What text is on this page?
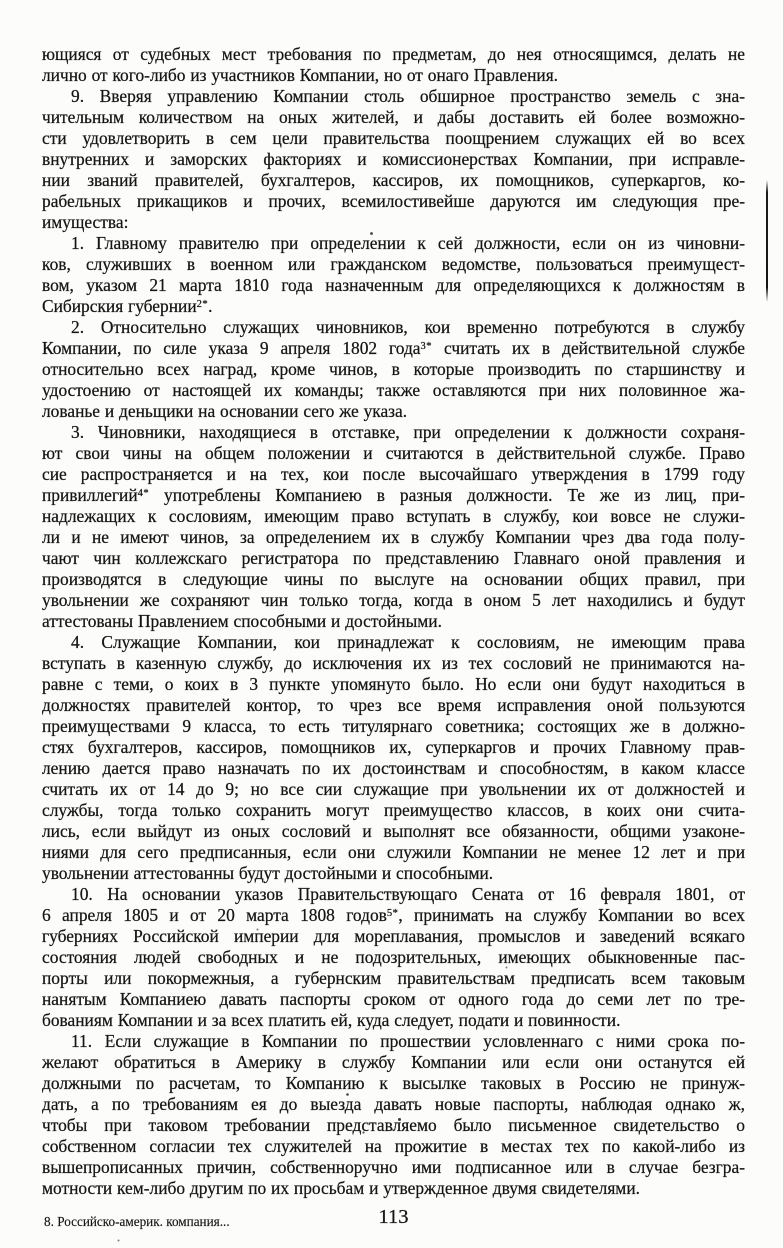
ющияся от судебных мест требования по предметам, до нея относящимся, делать не
лично от кого-либо из участников Компании, но от онаго Правления.
9. Вверяя управлению Компании столь обширное пространство земель с зна-
чительным количеством на оных жителей, и дабы доставить ей более возможно-
сти удовлетворить в сем цели правительства поощрением служащих ей во всех
внутренних и заморских факториях и комиссионерствах Компании, при исправле-
нии званий правителей, бухгалтеров, кассиров, их помощников, суперкаргов, ко-
рабельных прикащиков и прочих, всемилостивейше даруются им следующия пре-
имущества:
1. Главному правителю при определении к сей должности, если он из чиновни-
ков, служивших в военном или гражданском ведомстве, пользоваться преимущест-
вом, указом 21 марта 1810 года назначенным для определяющихся к должностям в
Сибирския губернии$^{2*}$.
2. Относительно служащих чиновников, кои временно потребуются в службу
Компании, по силе указа 9 апреля 1802 года$^{3*}$ считать их в действительной службе
относительно всех наград, кроме чинов, в которые производить по старшинству и
удостоению от настоящей их команды; также оставляются при них половинное жа-
лованье и деньщики на основании сего же указа.
3. Чиновники, находящиеся в отставке, при определении к должности сохраня-
ют свои чины на общем положении и считаются в действительной службе. Право
сие распространяется и на тех, кои после высочайшаго утверждения в 1799 году
привиллегий$^{4*}$ употреблены Компаниею в разныя должности. Те же из лиц, при-
надлежащих к сословиям, имеющим право вступать в службу, кои вовсе не служи-
ли и не имеют чинов, за определением их в службу Компании чрез два года полу-
чают чин коллежскаго регистратора по представлению Главнаго оной правления и
производятся в следующие чины по выслуге на основании общих правил, при
увольнении же сохраняют чин только тогда, когда в оном 5 лет находились и будут
аттестованы Правлением способными и достойными.
4. Служащие Компании, кои принадлежат к сословиям, не имеющим права
вступать в казенную службу, до исключения их из тех сословий не принимаются на-
равне с теми, о коих в 3 пункте упомянуто было. Но если они будут находиться в
должностях правителей контор, то чрез все время исправления оной пользуются
преимуществами 9 класса, то есть титулярнаго советника; состоящих же в должно-
стях бухгалтеров, кассиров, помощников их, суперкаргов и прочих Главному прав-
лению дается право назначать по их достоинствам и способностям, в каком классе
считать их от 14 до 9; но все сии служащие при увольнении их от должностей и
службы, тогда только сохранить могут преимущество классов, в коих они счита-
лись, если выйдут из оных сословий и выполнят все обязанности, общими узаконе-
ниями для сего предписанныя, если они служили Компании не менее 12 лет и при
увольнении аттестованны будут достойными и способными.
10. На основании указов Правительствующаго Сената от 16 февраля 1801, от
6 апреля 1805 и от 20 марта 1808 годов$^{5*}$, принимать на службу Компании во всех
губерниях Российской империи для мореплавания, промыслов и заведений всякаго
состояния людей свободных и не подозрительных, имеющих обыкновенные пас-
порты или покормежныя, а губернским правительствам предписать всем таковым
нанятым Компаниею давать паспорты сроком от одного года до семи лет по тре-
бованиям Компании и за всех платить ей, куда следует, подати и повинности.
11. Если служащие в Компании по прошествии условленнаго с ними срока по-
желают обратиться в Америку в службу Компании или если они останутся ей
должными по расчетам, то Компанию к высылке таковых в Россию не принуж-
дать, а по требованиям ея до выезда давать новые паспорты, наблюдая однако ж,
чтобы при таковом требовании представляемо было письменное свидетельство о
собственном согласии тех служителей на прожитие в местах тех по какой-либо из
вышепрописанных причин, собственноручно ими подписанное или в случае безгра-
мотности кем-либо другим по их просьбам и утвержденное двумя свидетелями.
8. Российско-америк. компания...	113
